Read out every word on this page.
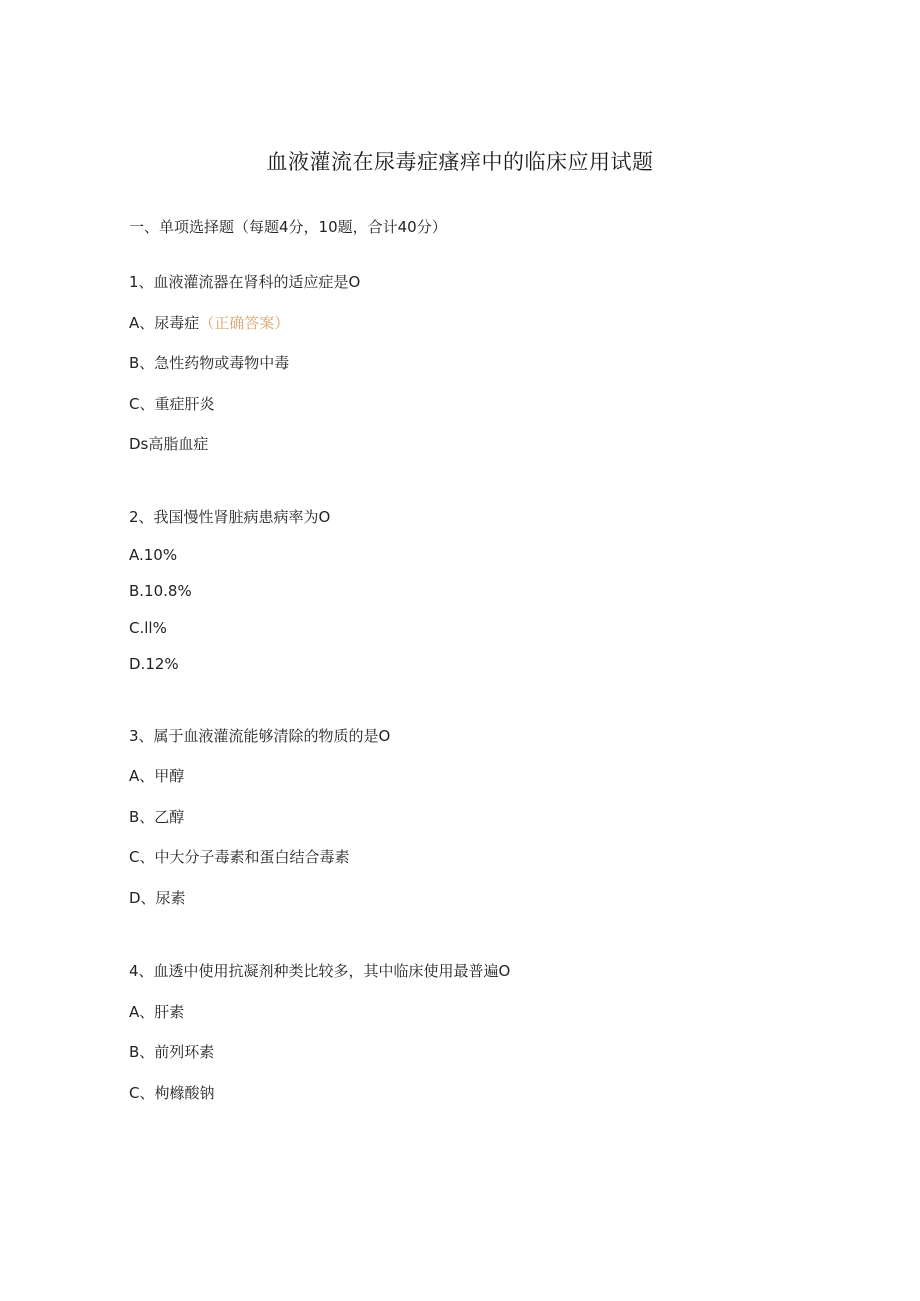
血液灌流在尿毒症瘙痒中的临床应用试题
一、单项选择题（每题4分，10题，合计40分）
1、血液灌流器在肾科的适应症是O
A、尿毒症（正确答案）
B、急性药物或毒物中毒
C、重症肝炎
Ds高脂血症
2、我国慢性肾脏病患病率为O
A.10%
B.10.8%
C.ll%
D.12%
3、属于血液灌流能够清除的物质的是O
A、甲醇
B、乙醇
C、中大分子毒素和蛋白结合毒素
D、尿素
4、血透中使用抗凝剂种类比较多，其中临床使用最普遍O
A、肝素
B、前列环素
C、枸橼酸钠
